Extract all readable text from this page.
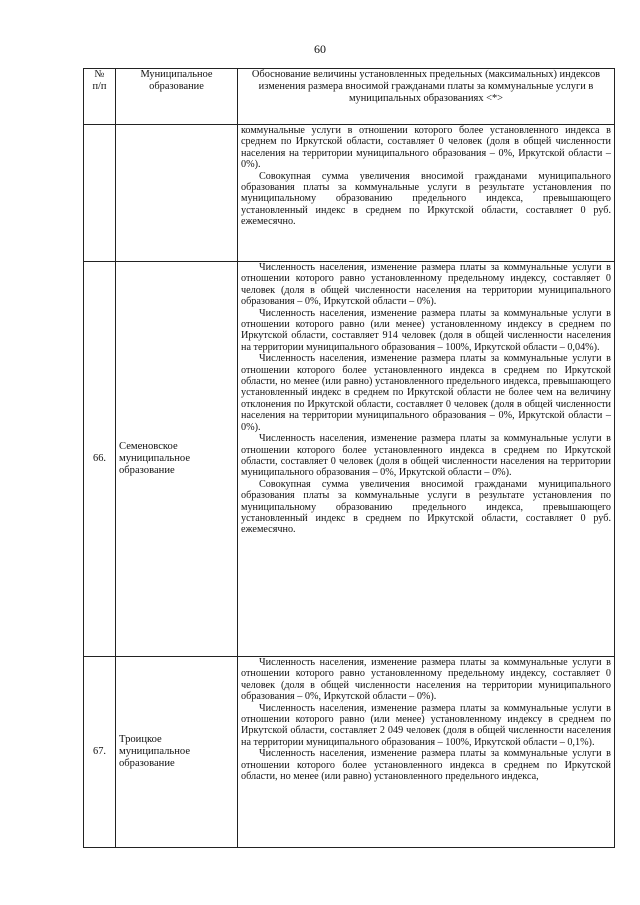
60
№
п/п	Муниципальное образование	Обоснование величины установленных предельных (максимальных) индексов изменения размера вносимой гражданами платы за коммунальные услуги в муниципальных образованиях <*>

		коммунальные услуги в отношении которого более установленного индекса в среднем по Иркутской области, составляет 0 человек (доля в общей численности населения на территории муниципального образования – 0%, Иркутской области – 0%).

Совокупная сумма увеличения вносимой гражданами муниципального образования платы за коммунальные услуги в результате установления по муниципальному образованию предельного индекса, превышающего установленный индекс в среднем по Иркутской области, составляет 0 руб. ежемесячно.

66.	Семеновское муниципальное образование	Численность населения, изменение размера платы за коммунальные услуги в отношении которого равно установленному предельному индексу, составляет 0 человек (доля в общей численности населения на территории муниципального образования – 0%, Иркутской области – 0%).

Численность населения, изменение размера платы за коммунальные услуги в отношении которого равно (или менее) установленному индексу в среднем по Иркутской области, составляет 914 человек (доля в общей численности населения на территории муниципального образования – 100%, Иркутской области – 0,04%).

Численность населения, изменение размера платы за коммунальные услуги в отношении которого более установленного индекса в среднем по Иркутской области, но менее (или равно) установленного предельного индекса, превышающего установленный индекс в среднем по Иркутской области не более чем на величину отклонения по Иркутской области, составляет 0 человек (доля в общей численности населения на территории муниципального образования – 0%, Иркутской области – 0%).

Численность населения, изменение размера платы за коммунальные услуги в отношении которого более установленного индекса в среднем по Иркутской области, составляет 0 человек (доля в общей численности населения на территории муниципального образования – 0%, Иркутской области – 0%).

Совокупная сумма увеличения вносимой гражданами муниципального образования платы за коммунальные услуги в результате установления по муниципальному образованию предельного индекса, превышающего установленный индекс в среднем по Иркутской области, составляет 0 руб. ежемесячно.

67.	Троицкое муниципальное образование	Численность населения, изменение размера платы за коммунальные услуги в отношении которого равно установленному предельному индексу, составляет 0 человек (доля в общей численности населения на территории муниципального образования – 0%, Иркутской области – 0%).

Численность населения, изменение размера платы за коммунальные услуги в отношении которого равно (или менее) установленному индексу в среднем по Иркутской области, составляет 2 049 человек (доля в общей численности населения на территории муниципального образования – 100%, Иркутской области – 0,1%).

Численность населения, изменение размера платы за коммунальные услуги в отношении которого более установленного индекса в среднем по Иркутской области, но менее (или равно) установленного предельного индекса,
